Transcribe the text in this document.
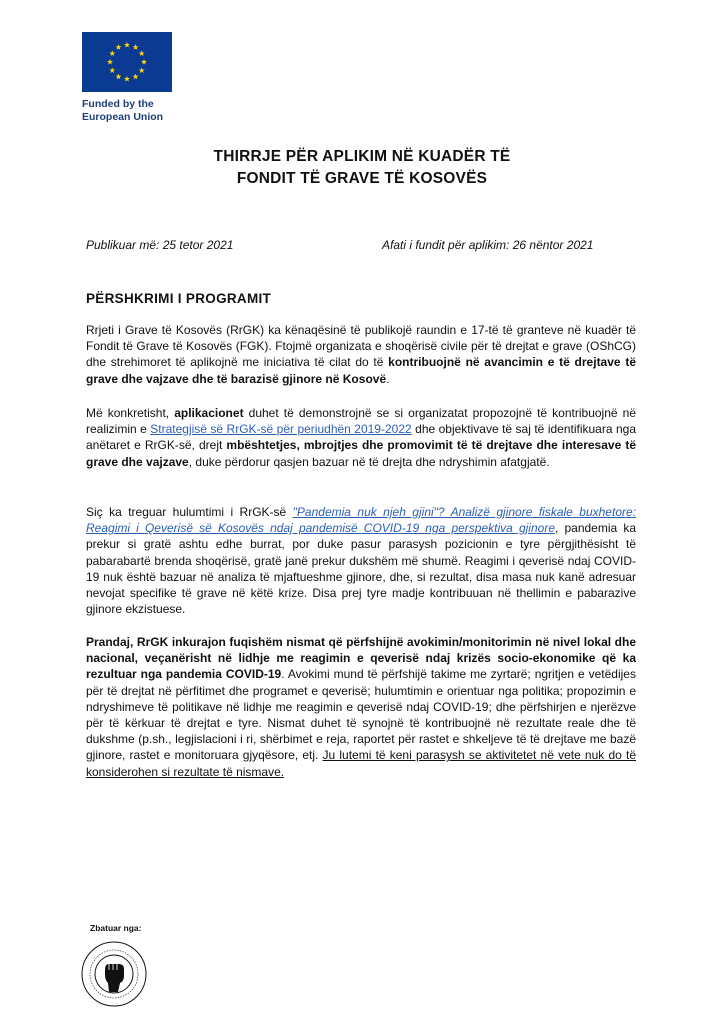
Funded by the
European Union
THIRRJE PËR APLIKIM NË KUADËR TË
FONDIT TË GRAVE TË KOSOVËS
Publikuar më: 25 tetor 2021	Afati i fundit për aplikim: 26 nëntor 2021
PËRSHKRIMI I PROGRAMIT
Rrjeti i Grave të Kosovës (RrGK) ka kënaqësinë të publikojë raundin e 17-të të granteve në kuadër të Fondit të Grave të Kosovës (FGK). Ftojmë organizata e shoqërisë civile për të drejtat e grave (OShCG) dhe strehimoret të aplikojnë me iniciativa të cilat do të kontribuojnë në avancimin e të drejtave të grave dhe vajzave dhe të barazisë gjinore në Kosovë.
Më konkretisht, aplikacionet duhet të demonstrojnë se si organizatat propozojnë të kontribuojnë në realizimin e Strategjisë së RrGK-së për periudhën 2019-2022 dhe objektivave të saj të identifikuara nga anëtaret e RrGK-së, drejt mbështetjes, mbrojtjes dhe promovimit të të drejtave dhe interesave të grave dhe vajzave, duke përdorur qasjen bazuar në të drejta dhe ndryshimin afatgjatë.
Siç ka treguar hulumtimi i RrGK-së "Pandemia nuk njeh gjini"? Analizë gjinore fiskale buxhetore: Reagimi i Qeverisë së Kosovës ndaj pandemisë COVID-19 nga perspektiva gjinore, pandemia ka prekur si gratë ashtu edhe burrat, por duke pasur parasysh pozicionin e tyre përgjithësisht të pabarabartë brenda shoqërisë, gratë janë prekur dukshëm më shumë. Reagimi i qeverisë ndaj COVID-19 nuk është bazuar në analiza të mjaftueshme gjinore, dhe, si rezultat, disa masa nuk kanë adresuar nevojat specifike të grave në këtë krize. Disa prej tyre madje kontribuuan në thellimin e pabarazive gjinore ekzistuese.
Prandaj, RrGK inkurajon fuqishëm nismat që përfshijnë avokimin/monitorimin në nivel lokal dhe nacional, veçanërisht në lidhje me reagimin e qeverisë ndaj krizës socio-ekonomike që ka rezultuar nga pandemia COVID-19. Avokimi mund të përfshijë takime me zyrtarë; ngritjen e vetëdijes për të drejtat në përfitimet dhe programet e qeverisë; hulumtimin e orientuar nga politika; propozimin e ndryshimeve të politikave në lidhje me reagimin e qeverisë ndaj COVID-19; dhe përfshirjen e njerëzve për të kërkuar të drejtat e tyre. Nismat duhet të synojnë të kontribuojnë në rezultate reale dhe të dukshme (p.sh., legjislacioni i ri, shërbimet e reja, raportet për rastet e shkeljeve të të drejtave me bazë gjinore, rastet e monitoruara gjyqësore, etj. Ju lutemi të keni parasysh se aktivitetet në vete nuk do të konsiderohen si rezultate të nismave.
Zbatuar nga:
